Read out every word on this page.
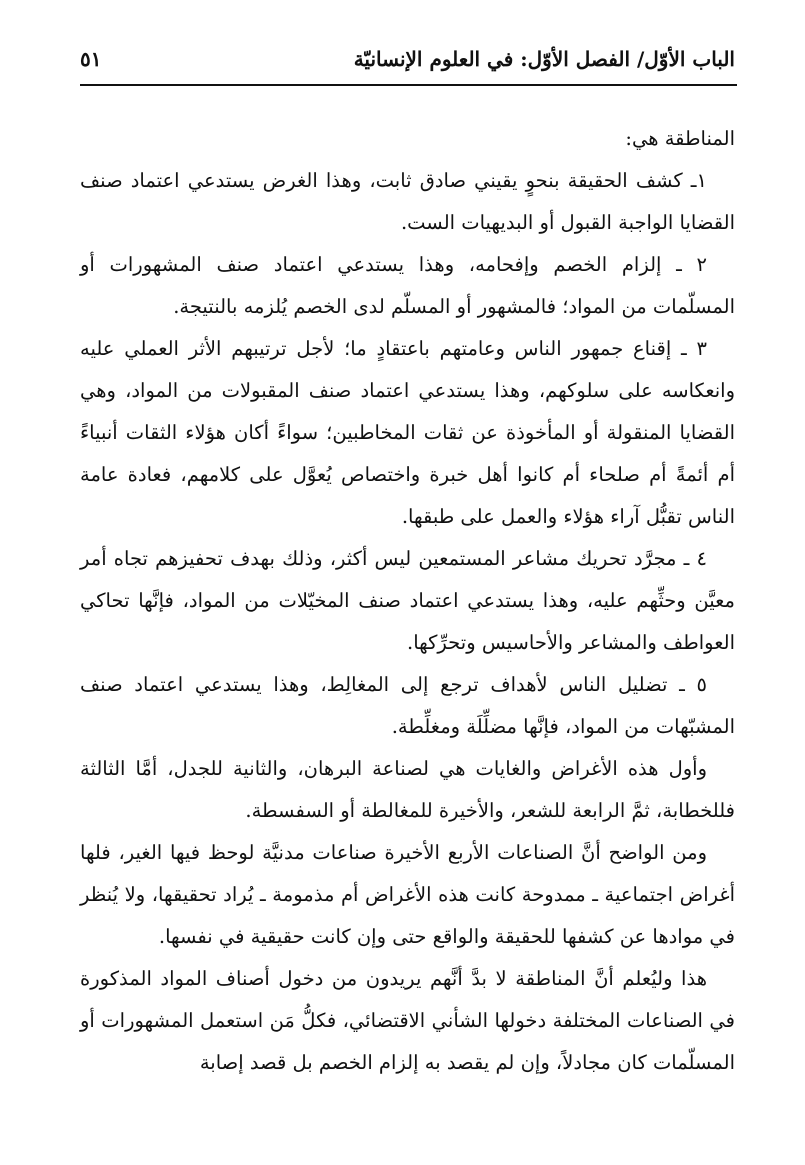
الباب الأوّل/ الفصل الأوّل: في العلوم الإنسانيّة
٥١

المناطقة هي:

١ـ كشف الحقيقة بنحوٍ يقيني صادق ثابت، وهذا الغرض يستدعي اعتماد صنف القضايا الواجبة القبول أو البديهيات الست.

٢ ـ إلزام الخصم وإفحامه، وهذا يستدعي اعتماد صنف المشهورات أو المسلّمات من المواد؛ فالمشهور أو المسلّم لدى الخصم يُلزمه بالنتيجة.

٣ ـ إقناع جمهور الناس وعامتهم باعتقادٍ ما؛ لأجل ترتيبهم الأثر العملي عليه وانعكاسه على سلوكهم، وهذا يستدعي اعتماد صنف المقبولات من المواد، وهي القضايا المنقولة أو المأخوذة عن ثقات المخاطبين؛ سواءً أكان هؤلاء الثقات أنبياءً أم أئمةً أم صلحاء أم كانوا أهل خبرة واختصاص يُعوَّل على كلامهم، فعادة عامة الناس تقبُّل آراء هؤلاء والعمل على طبقها.

٤ ـ مجرَّد تحريك مشاعر المستمعين ليس أكثر، وذلك بهدف تحفيزهم تجاه أمر معيَّن وحثِّهم عليه، وهذا يستدعي اعتماد صنف المخيّلات من المواد، فإنَّها تحاكي العواطف والمشاعر والأحاسيس وتحرِّكها.

٥ ـ تضليل الناس لأهداف ترجع إلى المغالِط، وهذا يستدعي اعتماد صنف المشبّهات من المواد، فإنَّها مضلِّلَة ومغلِّطة.

وأول هذه الأغراض والغايات هي لصناعة البرهان، والثانية للجدل، أمَّا الثالثة فللخطابة، ثمَّ الرابعة للشعر، والأخيرة للمغالطة أو السفسطة.

ومن الواضح أنَّ الصناعات الأربع الأخيرة صناعات مدنيَّة لوحظ فيها الغير، فلها أغراض اجتماعية ـ ممدوحة كانت هذه الأغراض أم مذمومة ـ يُراد تحقيقها، ولا يُنظر في موادها عن كشفها للحقيقة والواقع حتى وإن كانت حقيقية في نفسها.

هذا وليُعلم أنَّ المناطقة لا بدَّ أنَّهم يريدون من دخول أصناف المواد المذكورة في الصناعات المختلفة دخولها الشأني الاقتضائي، فكلُّ مَن استعمل المشهورات أو المسلّمات كان مجادلاً، وإن لم يقصد به إلزام الخصم بل قصد إصابة
